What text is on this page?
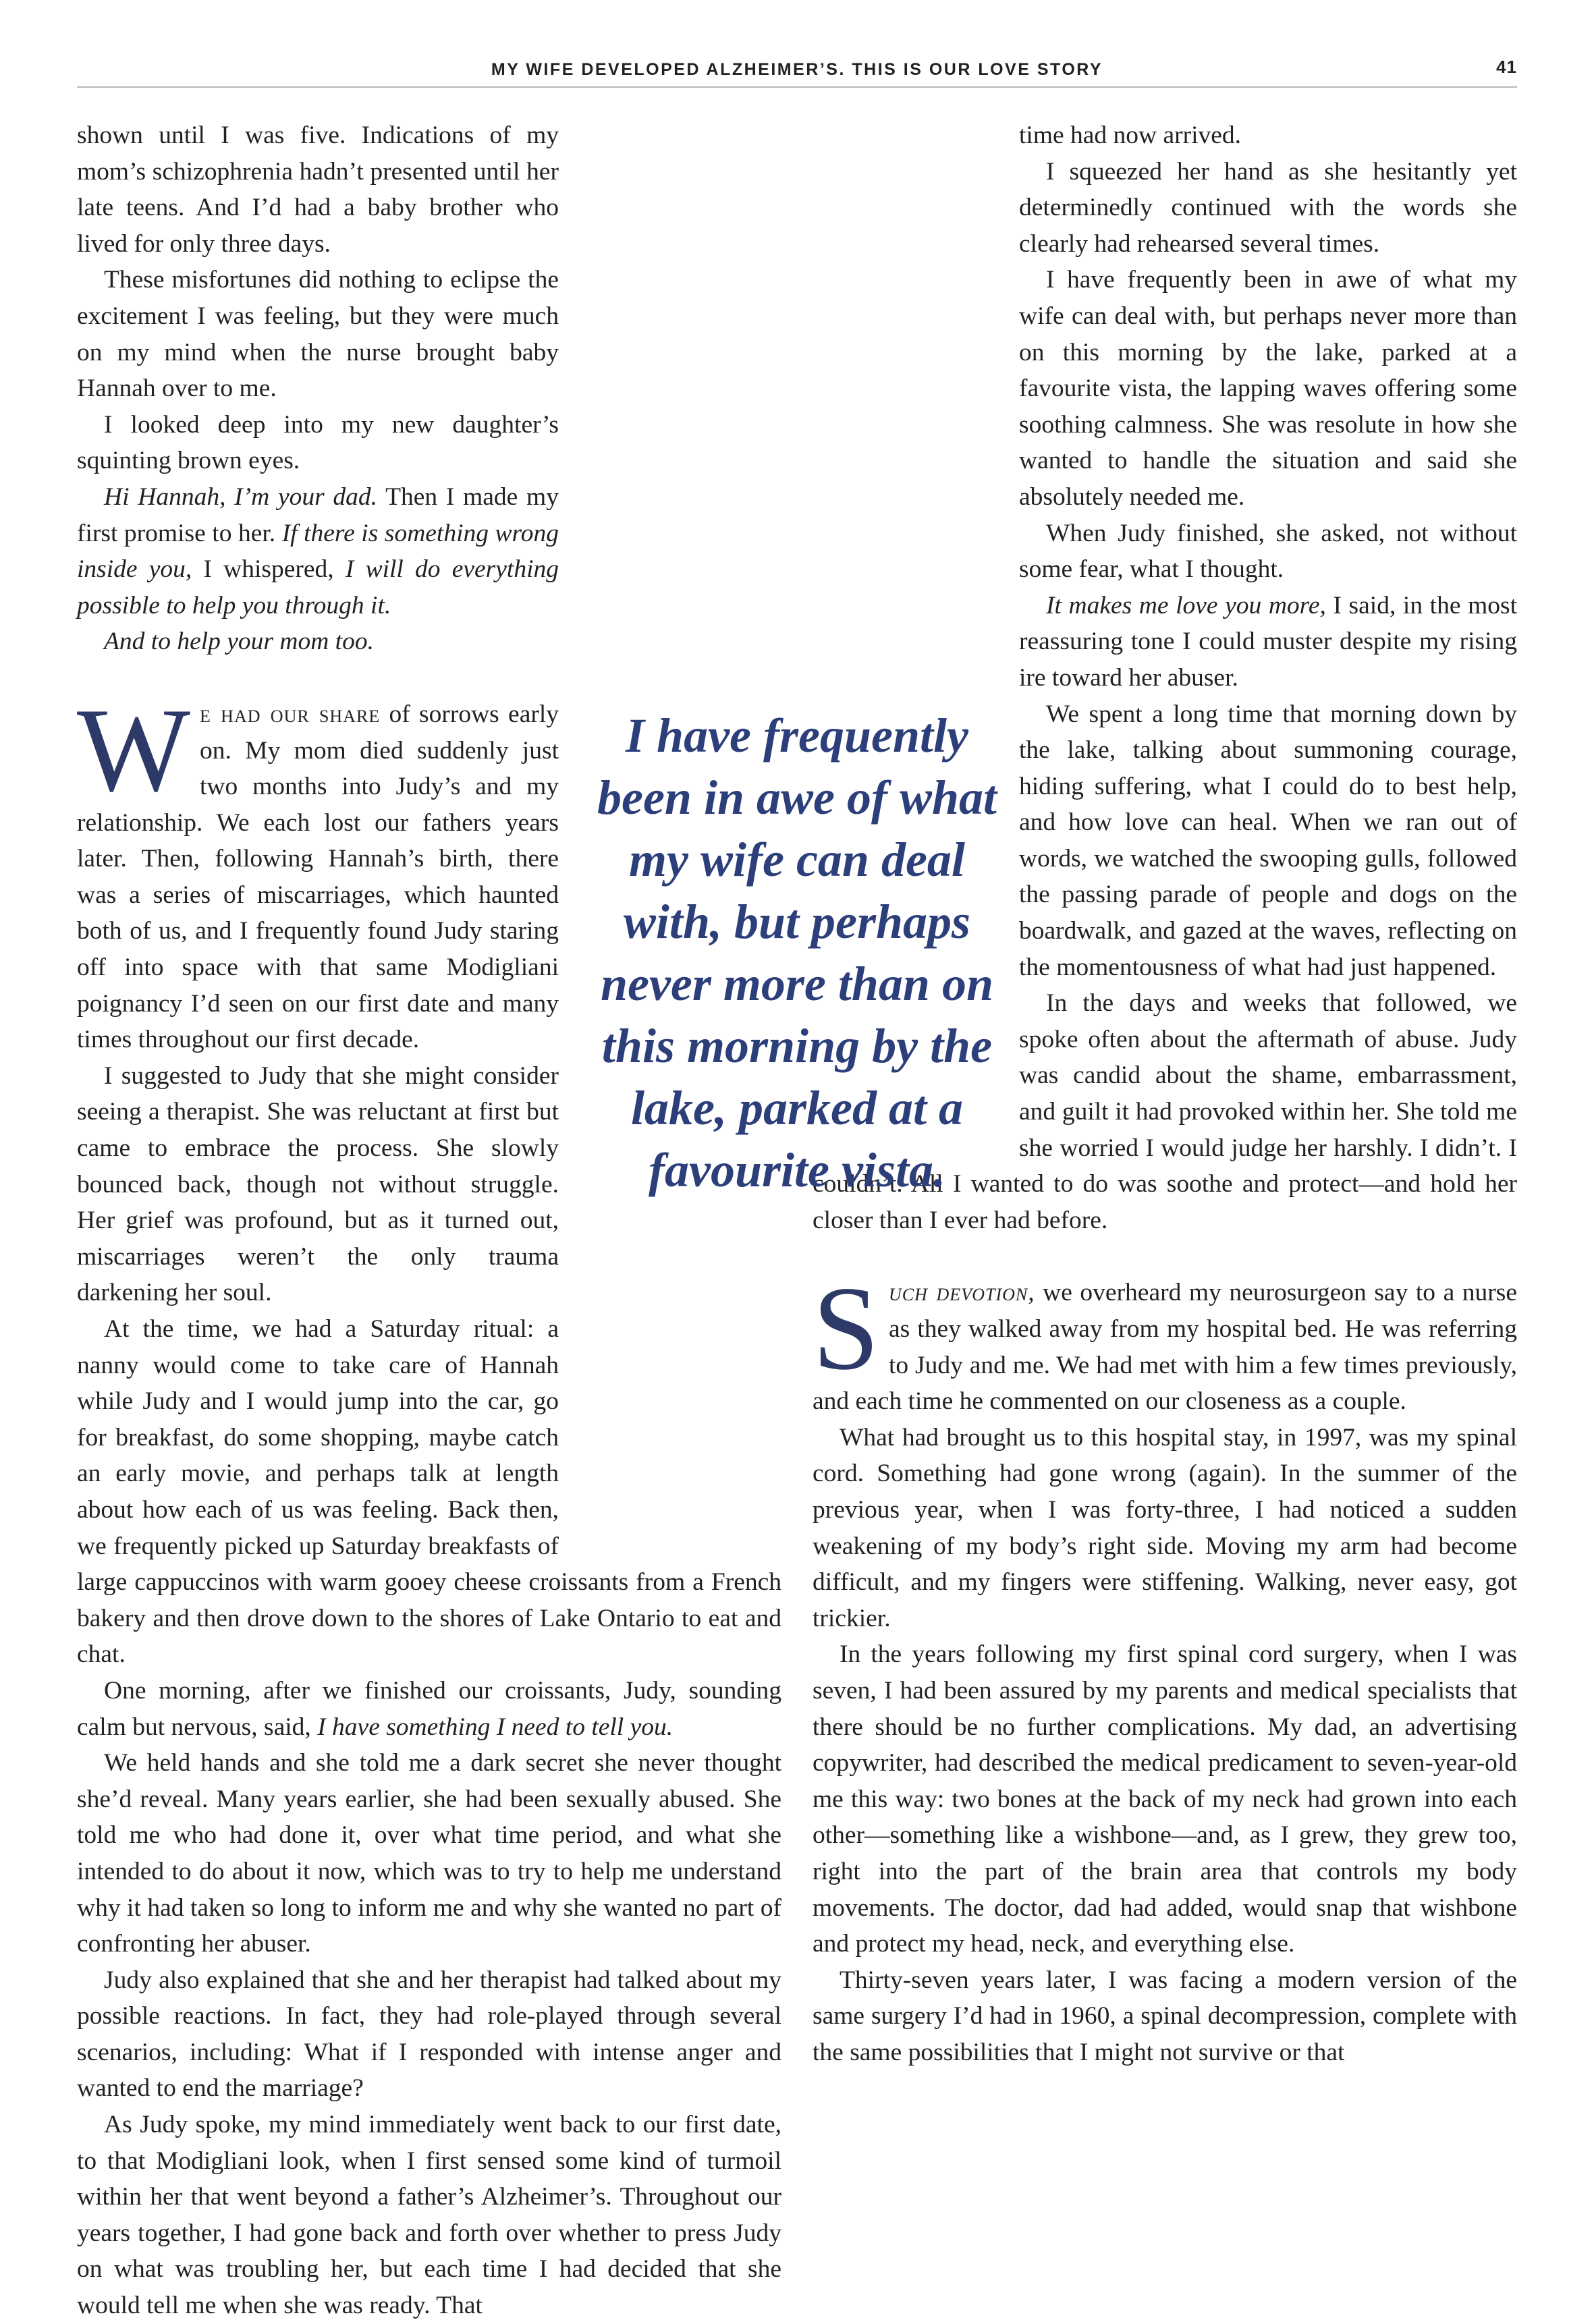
MY WIFE DEVELOPED ALZHEIMER’S. THIS IS OUR LOVE STORY	41

shown until I was five. Indications of my mom’s schizophrenia hadn’t presented until her late teens. And I’d had a baby brother who lived for only three days.

These misfortunes did nothing to eclipse the excitement I was feeling, but they were much on my mind when the nurse brought baby Hannah over to me.

I looked deep into my new daughter’s squinting brown eyes.

Hi Hannah, I’m your dad. Then I made my first promise to her. If there is something wrong inside you, I whispered, I will do everything possible to help you through it.

And to help your mom too.

We had our share of sorrows early on. My mom died suddenly just two months into Judy’s and my relationship. We each lost our fathers years later. Then, following Hannah’s birth, there was a series of miscarriages, which haunted both of us, and I frequently found Judy staring off into space with that same Modigliani poignancy I’d seen on our first date and many times throughout our first decade.

I suggested to Judy that she might consider seeing a therapist. She was reluctant at first but came to embrace the process. She slowly bounced back, though not without struggle. Her grief was profound, but as it turned out, miscarriages weren’t the only trauma darkening her soul.

At the time, we had a Saturday ritual: a nanny would come to take care of Hannah while Judy and I would jump into the car, go for breakfast, do some shopping, maybe catch an early movie, and perhaps talk at length about how each of us was feeling. Back then, we frequently picked up Saturday breakfasts of large cappuccinos with warm gooey cheese croissants from a French bakery and then drove down to the shores of Lake Ontario to eat and chat.

One morning, after we finished our croissants, Judy, sounding calm but nervous, said, I have something I need to tell you.

We held hands and she told me a dark secret she never thought she’d reveal. Many years earlier, she had been sexually abused. She told me who had done it, over what time period, and what she intended to do about it now, which was to try to help me understand why it had taken so long to inform me and why she wanted no part of confronting her abuser.

Judy also explained that she and her therapist had talked about my possible reactions. In fact, they had role-played through several scenarios, including: What if I responded with intense anger and wanted to end the marriage?

As Judy spoke, my mind immediately went back to our first date, to that Modigliani look, when I first sensed some kind of turmoil within her that went beyond a father’s Alzheimer’s. Throughout our years together, I had gone back and forth over whether to press Judy on what was troubling her, but each time I had decided that she would tell me when she was ready. That

time had now arrived.

I squeezed her hand as she hesitantly yet determinedly continued with the words she clearly had rehearsed several times.

I have frequently been in awe of what my wife can deal with, but perhaps never more than on this morning by the lake, parked at a favourite vista, the lapping waves offering some soothing calmness. She was resolute in how she wanted to handle the situation and said she absolutely needed me.

When Judy finished, she asked, not without some fear, what I thought.

It makes me love you more, I said, in the most reassuring tone I could muster despite my rising ire toward her abuser.

We spent a long time that morning down by the lake, talking about summoning courage, hiding suffering, what I could do to best help, and how love can heal. When we ran out of words, we watched the swooping gulls, followed the passing parade of people and dogs on the boardwalk, and gazed at the waves, reflecting on the momentousness of what had just happened.

In the days and weeks that followed, we spoke often about the aftermath of abuse. Judy was candid about the shame, embarrassment, and guilt it had provoked within her. She told me she worried I would judge her harshly. I didn’t. I couldn’t. All I wanted to do was soothe and protect—and hold her closer than I ever had before.

Such devotion, we overheard my neurosurgeon say to a nurse as they walked away from my hospital bed. He was referring to Judy and me. We had met with him a few times previously, and each time he commented on our closeness as a couple.

What had brought us to this hospital stay, in 1997, was my spinal cord. Something had gone wrong (again). In the summer of the previous year, when I was forty-three, I had noticed a sudden weakening of my body’s right side. Moving my arm had become difficult, and my fingers were stiffening. Walking, never easy, got trickier.

In the years following my first spinal cord surgery, when I was seven, I had been assured by my parents and medical specialists that there should be no further complications. My dad, an advertising copywriter, had described the medical predicament to seven-year-old me this way: two bones at the back of my neck had grown into each other—something like a wishbone—and, as I grew, they grew too, right into the part of the brain area that controls my body movements. The doctor, dad had added, would snap that wishbone and protect my head, neck, and everything else.

Thirty-seven years later, I was facing a modern version of the same surgery I’d had in 1960, a spinal decompression, complete with the same possibilities that I might not survive or that

I have frequently been in awe of what my wife can deal with, but perhaps never more than on this morning by the lake, parked at a favourite vista.
